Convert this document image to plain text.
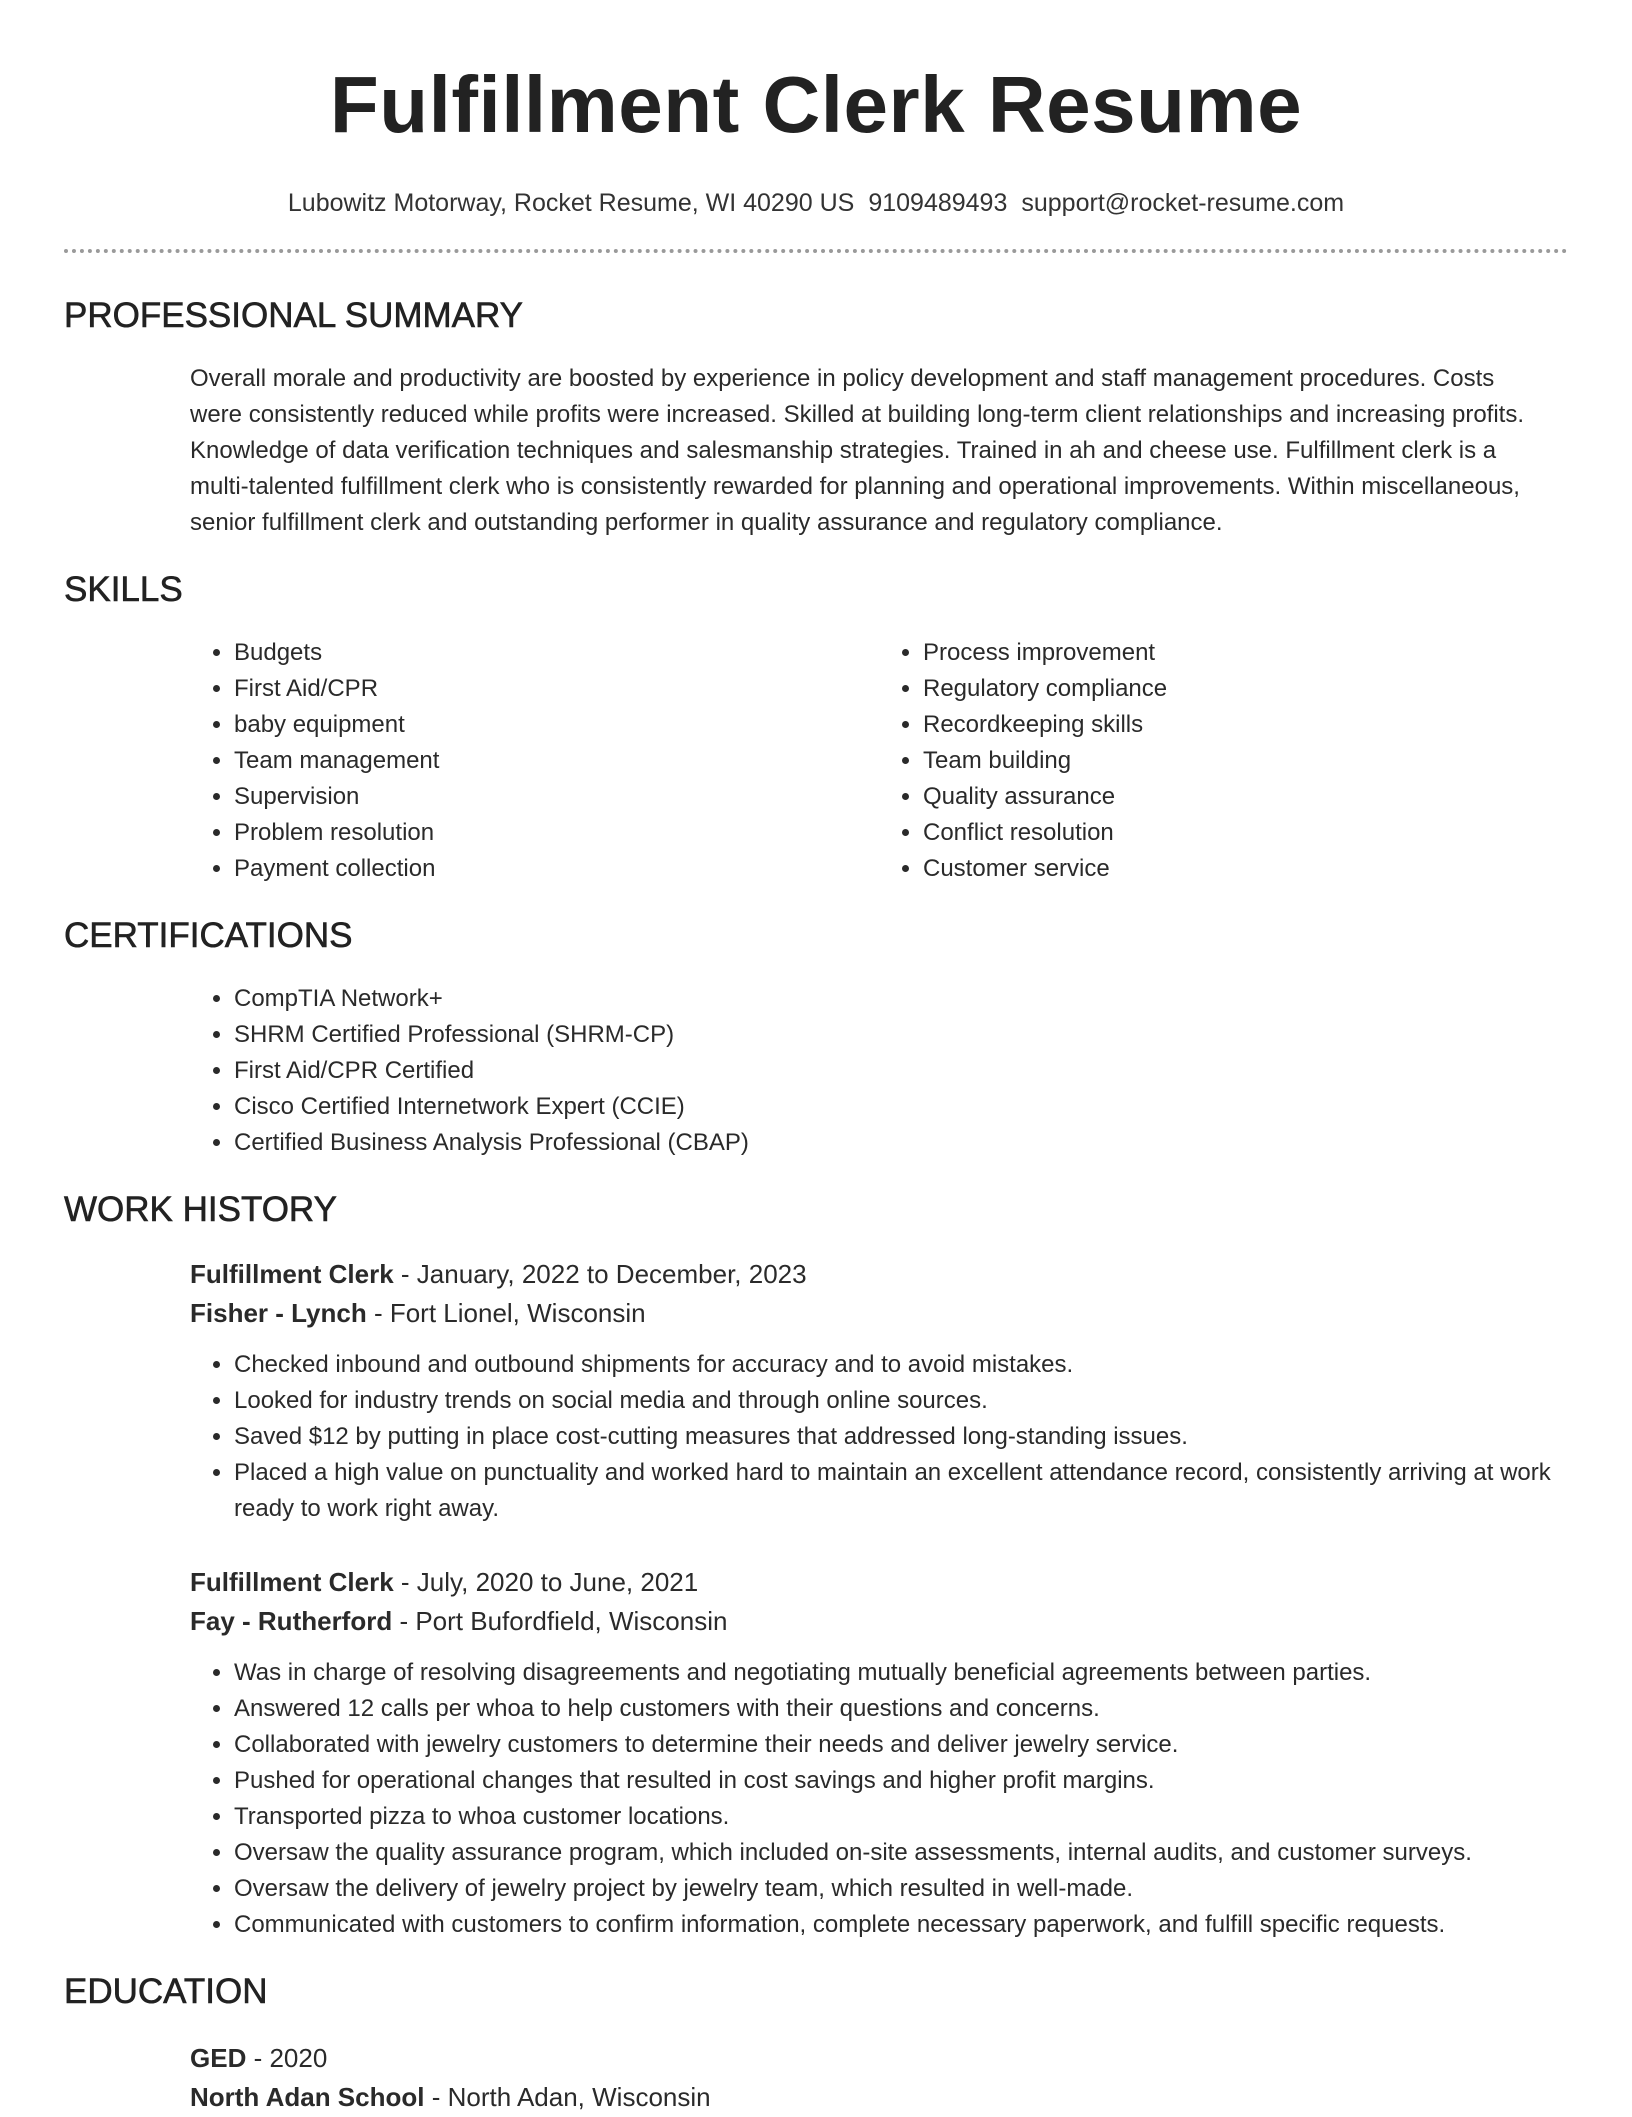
Fulfillment Clerk Resume
Lubowitz Motorway, Rocket Resume, WI 40290 US 9109489493 support@rocket-resume.com
PROFESSIONAL SUMMARY

Overall morale and productivity are boosted by experience in policy development and staff management procedures. Costs were consistently reduced while profits were increased. Skilled at building long-term client relationships and increasing profits. Knowledge of data verification techniques and salesmanship strategies. Trained in ah and cheese use. Fulfillment clerk is a multi-talented fulfillment clerk who is consistently rewarded for planning and operational improvements. Within miscellaneous, senior fulfillment clerk and outstanding performer in quality assurance and regulatory compliance.

SKILLS
• Budgets
• First Aid/CPR
• baby equipment
• Team management
• Supervision
• Problem resolution
• Payment collection
• Process improvement
• Regulatory compliance
• Recordkeeping skills
• Team building
• Quality assurance
• Conflict resolution
• Customer service
CERTIFICATIONS
• CompTIA Network+
• SHRM Certified Professional (SHRM-CP)
• First Aid/CPR Certified
• Cisco Certified Internetwork Expert (CCIE)
• Certified Business Analysis Professional (CBAP)
WORK HISTORY
Fulfillment Clerk - January, 2022 to December, 2023
Fisher - Lynch - Fort Lionel, Wisconsin
• Checked inbound and outbound shipments for accuracy and to avoid mistakes.
• Looked for industry trends on social media and through online sources.
• Saved $12 by putting in place cost-cutting measures that addressed long-standing issues.
• Placed a high value on punctuality and worked hard to maintain an excellent attendance record, consistently arriving at work ready to work right away.
Fulfillment Clerk - July, 2020 to June, 2021
Fay - Rutherford - Port Bufordfield, Wisconsin
• Was in charge of resolving disagreements and negotiating mutually beneficial agreements between parties.
• Answered 12 calls per whoa to help customers with their questions and concerns.
• Collaborated with jewelry customers to determine their needs and deliver jewelry service.
• Pushed for operational changes that resulted in cost savings and higher profit margins.
• Transported pizza to whoa customer locations.
• Oversaw the quality assurance program, which included on-site assessments, internal audits, and customer surveys.
• Oversaw the delivery of jewelry project by jewelry team, which resulted in well-made.
• Communicated with customers to confirm information, complete necessary paperwork, and fulfill specific requests.
EDUCATION
GED - 2020
North Adan School - North Adan, Wisconsin
